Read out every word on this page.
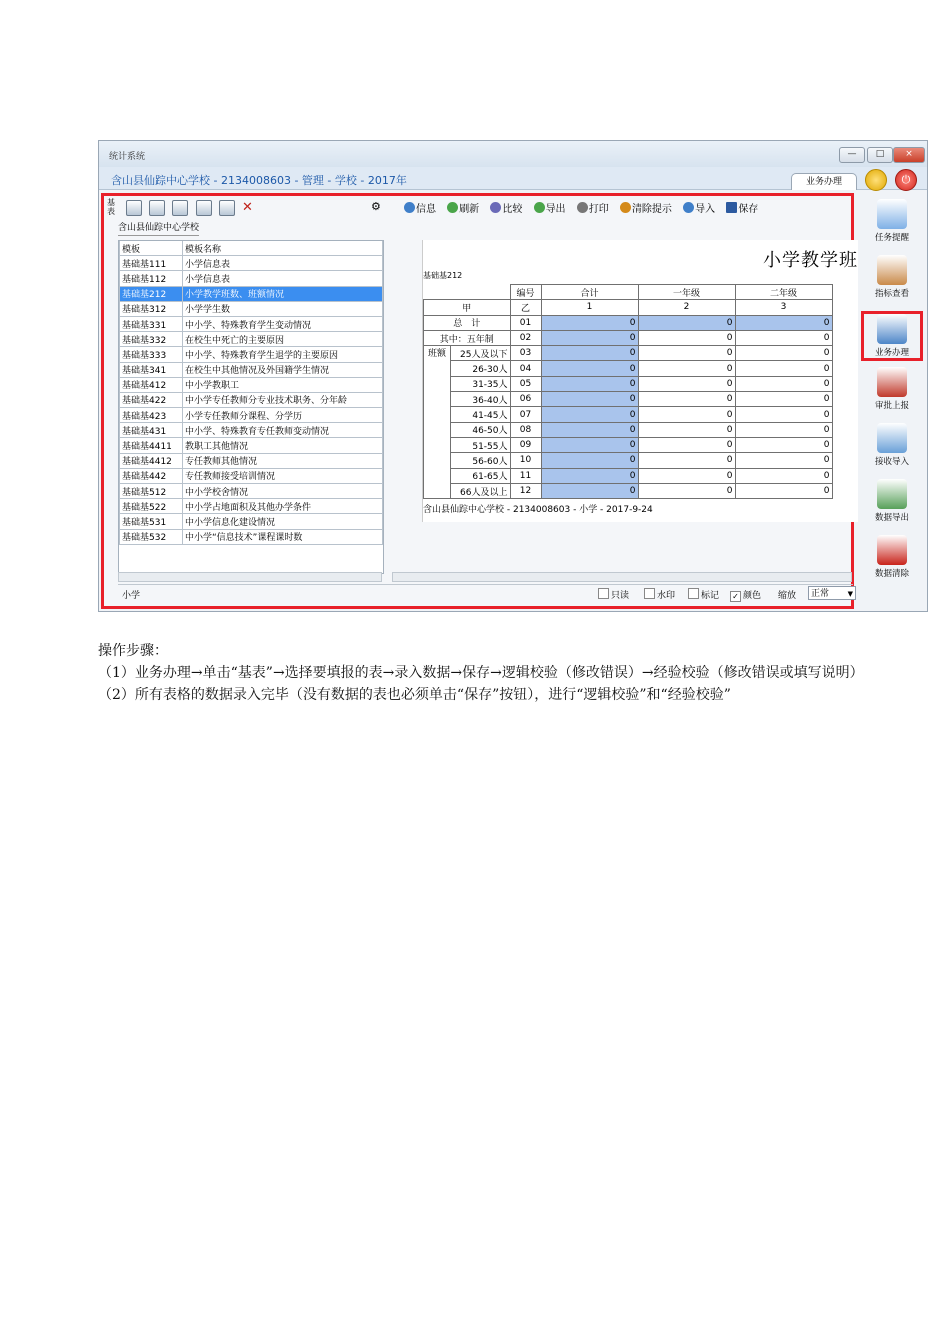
统计系统	—	□	×
含山县仙踪中心学校 - 2134008603 - 管理 - 学校 - 2017年	业务办理	⏻
基表	✕	⚙
含山县仙踪中心学校
模板	模板名称
基础基111	小学信息表
基础基112	小学信息表
基础基212	小学教学班数、班额情况
基础基312	小学学生数
基础基331	中小学、特殊教育学生变动情况
基础基332	在校生中死亡的主要原因
基础基333	中小学、特殊教育学生退学的主要原因
基础基341	在校生中其他情况及外国籍学生情况
基础基412	中小学教职工
基础基422	中小学专任教师分专业技术职务、分年龄
基础基423	小学专任教师分课程、分学历
基础基431	中小学、特殊教育专任教师变动情况
基础基4411	教职工其他情况
基础基4412	专任教师其他情况
基础基442	专任教师接受培训情况
基础基512	中小学校舍情况
基础基522	中小学占地面积及其他办学条件
基础基531	中小学信息化建设情况
基础基532	中小学“信息技术”课程课时数
信息 刷新 比较 导出 打印 清除提示 导入 保存
小学教学班
基础基212
		编号	合计	一年级	二年级
甲		乙	1	2	3
总　计		01	0	0	0
其中：五年制		02	0	0	0
班额	25人及以下	03	0	0	0
	26-30人	04	0	0	0
	31-35人	05	0	0	0
	36-40人	06	0	0	0
	41-45人	07	0	0	0
	46-50人	08	0	0	0
	51-55人	09	0	0	0
	56-60人	10	0	0	0
	61-65人	11	0	0	0
	66人及以上	12	0	0	0
含山县仙踪中心学校 - 2134008603 - 小学 - 2017-9-24
小学	只读	水印	标记 ✓ 颜色 缩放	正常	▼
任务提醒
指标查看
业务办理
审批上报
接收导入
数据导出
数据清除

操作步骤：

（1）业务办理→单击“基表”→选择要填报的表→录入数据→保存→逻辑校验（修改错误）→经验校验（修改错误或填写说明）

（2）所有表格的数据录入完毕（没有数据的表也必须单击“保存”按钮），进行“逻辑校验”和“经验校验”
